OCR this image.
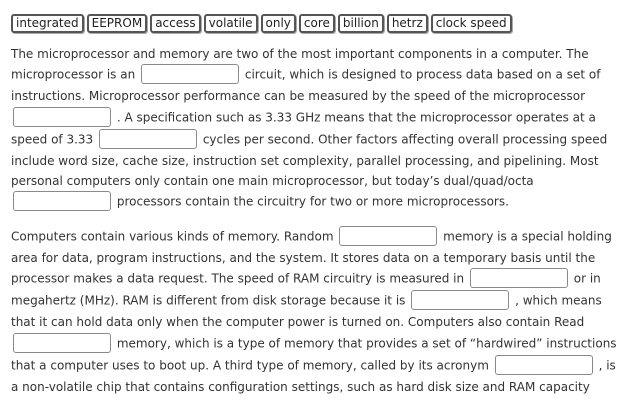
integrated	EEPROM	access	volatile	only	core	billion	hetrz	clock speed
The microprocessor and memory are two of the most important components in a computer. The microprocessor is an	circuit, which is designed to process data based on a set of instructions. Microprocessor performance can be measured by the speed of the microprocessor  . A specification such as 3.33 GHz means that the microprocessor operates at a speed of 3.33	cycles per second. Other factors affecting overall processing speed include word size, cache size, instruction set complexity, parallel processing, and pipelining. Most personal computers only contain one main microprocessor, but today’s dual/quad/octa  processors contain the circuitry for two or more microprocessors.
Computers contain various kinds of memory. Random	memory is a special holding area for data, program instructions, and the system. It stores data on a temporary basis until the processor makes a data request. The speed of RAM circuitry is measured in	or in megahertz (MHz). RAM is different from disk storage because it is	, which means that it can hold data only when the computer power is turned on. Computers also contain Read  memory, which is a type of memory that provides a set of “hardwired” instructions that a computer uses to boot up. A third type of memory, called by its acronym	, is a non-volatile chip that contains configuration settings, such as hard disk size and RAM capacity
